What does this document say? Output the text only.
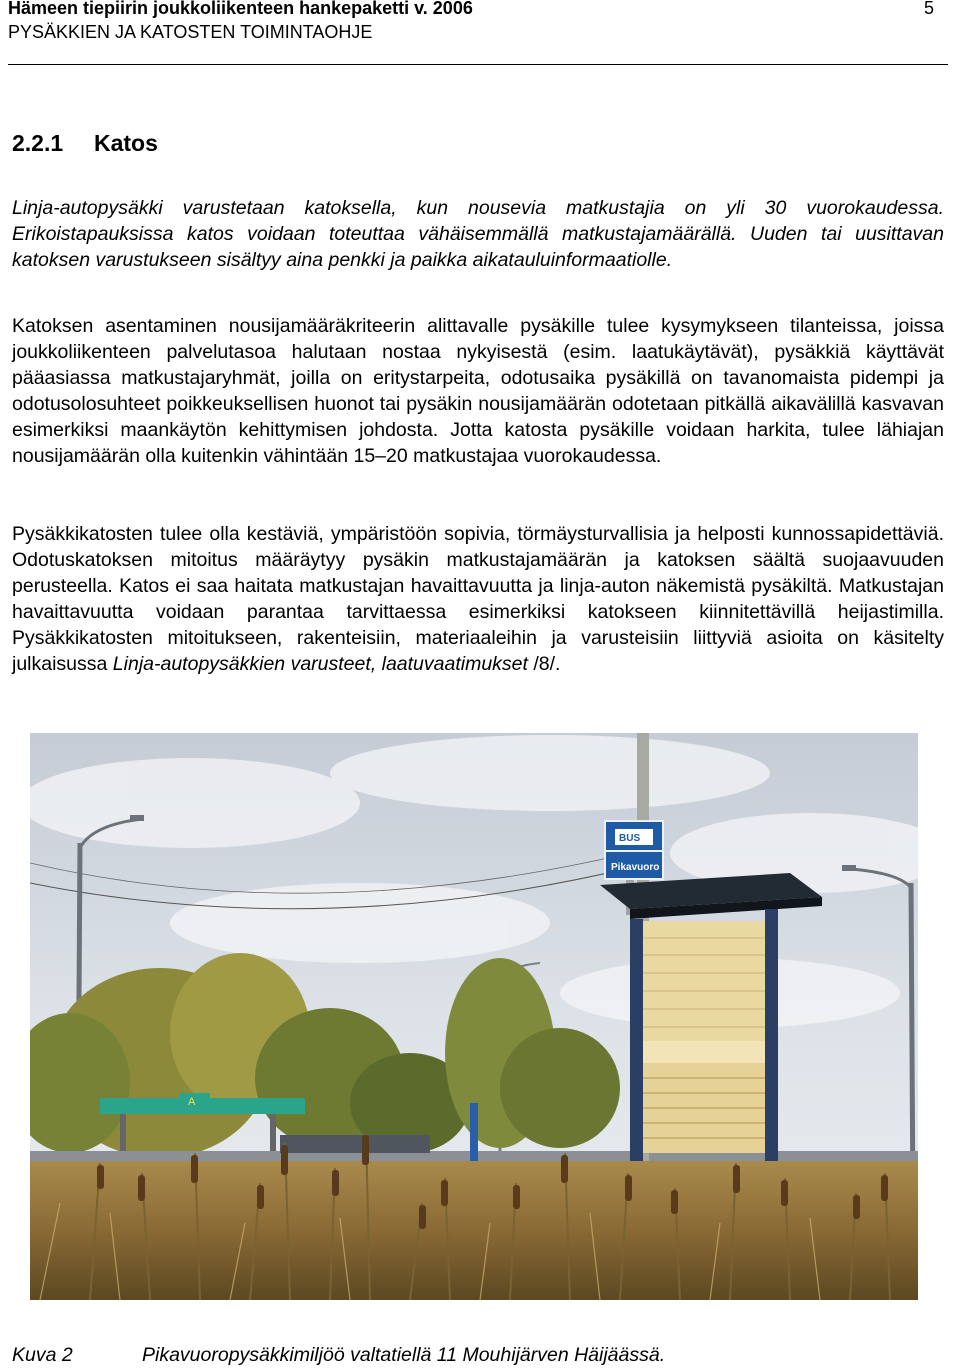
Hämeen tiepiirin joukkoliikenteen hankepaketti v. 2006
PYSÄKKIEN JA KATOSTEN TOIMINTAOHJE
5
2.2.1 Katos

Linja-autopysäkki varustetaan katoksella, kun nousevia matkustajia on yli 30 vuorokaudessa. Erikoistapauksissa katos voidaan toteuttaa vähäisemmällä matkustajamäärällä. Uuden tai uusittavan katoksen varustukseen sisältyy aina penkki ja paikka aikatauluinformaatiolle.

Katoksen asentaminen nousijamääräkriteerin alittavalle pysäkille tulee kysymykseen tilanteissa, joissa joukkoliikenteen palvelutasoa halutaan nostaa nykyisestä (esim. laatukäytävät), pysäkkiä käyttävät pääasiassa matkustajaryhmät, joilla on eritystarpeita, odotusaika pysäkillä on tavanomaista pidempi ja odotusolosuhteet poikkeuksellisen huonot tai pysäkin nousijamäärän odotetaan pitkällä aikavälillä kasvavan esimerkiksi maankäytön kehittymisen johdosta. Jotta katosta pysäkille voidaan harkita, tulee lähiajan nousijamäärän olla kuitenkin vähintään 15–20 matkustajaa vuorokaudessa.

Pysäkkikatosten tulee olla kestäviä, ympäristöön sopivia, törmäysturvallisia ja helposti kunnossapidettäviä. Odotuskatoksen mitoitus määräytyy pysäkin matkustajamäärän ja katoksen säältä suojaavuuden perusteella. Katos ei saa haitata matkustajan havaittavuutta ja linja-auton näkemistä pysäkiltä. Matkustajan havaittavuutta voidaan parantaa tarvittaessa esimerkiksi katokseen kiinnitettävillä heijastimilla. Pysäkkikatosten mitoitukseen, rakenteisiin, materiaaleihin ja varusteisiin liittyviä asioita on käsitelty julkaisussa Linja-autopysäkkien varusteet, laatuvaatimukset /8/.

A
BUS
Pikavuoro
Kuva 2	Pikavuoropysäkkimiljöö valtatiellä 11 Mouhijärven Häijäässä.
